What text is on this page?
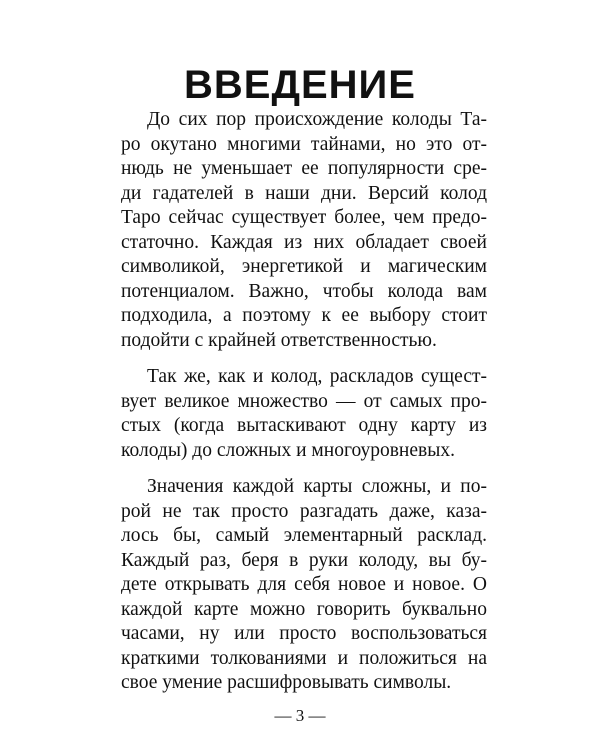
ВВЕДЕНИЕ

До сих пор происхождение колоды Та-
ро окутано многими тайнами, но это от-
нюдь не уменьшает ее популярности сре-
ди гадателей в наши дни. Версий колод
Таро сейчас существует более, чем предо-
статочно. Каждая из них обладает своей
символикой, энергетикой и магическим
потенциалом. Важно, чтобы колода вам
подходила, а поэтому к ее выбору стоит
подойти с крайней ответственностью.

Так же, как и колод, раскладов сущест-
вует великое множество — от самых про-
стых (когда вытаскивают одну карту из
колоды) до сложных и многоуровневых.

Значения каждой карты сложны, и по-
рой не так просто разгадать даже, каза-
лось бы, самый элементарный расклад.
Каждый раз, беря в руки колоду, вы бу-
дете открывать для себя новое и новое. О
каждой карте можно говорить буквально
часами, ну или просто воспользоваться
краткими толкованиями и положиться на
свое умение расшифровывать символы.

— 3 —
